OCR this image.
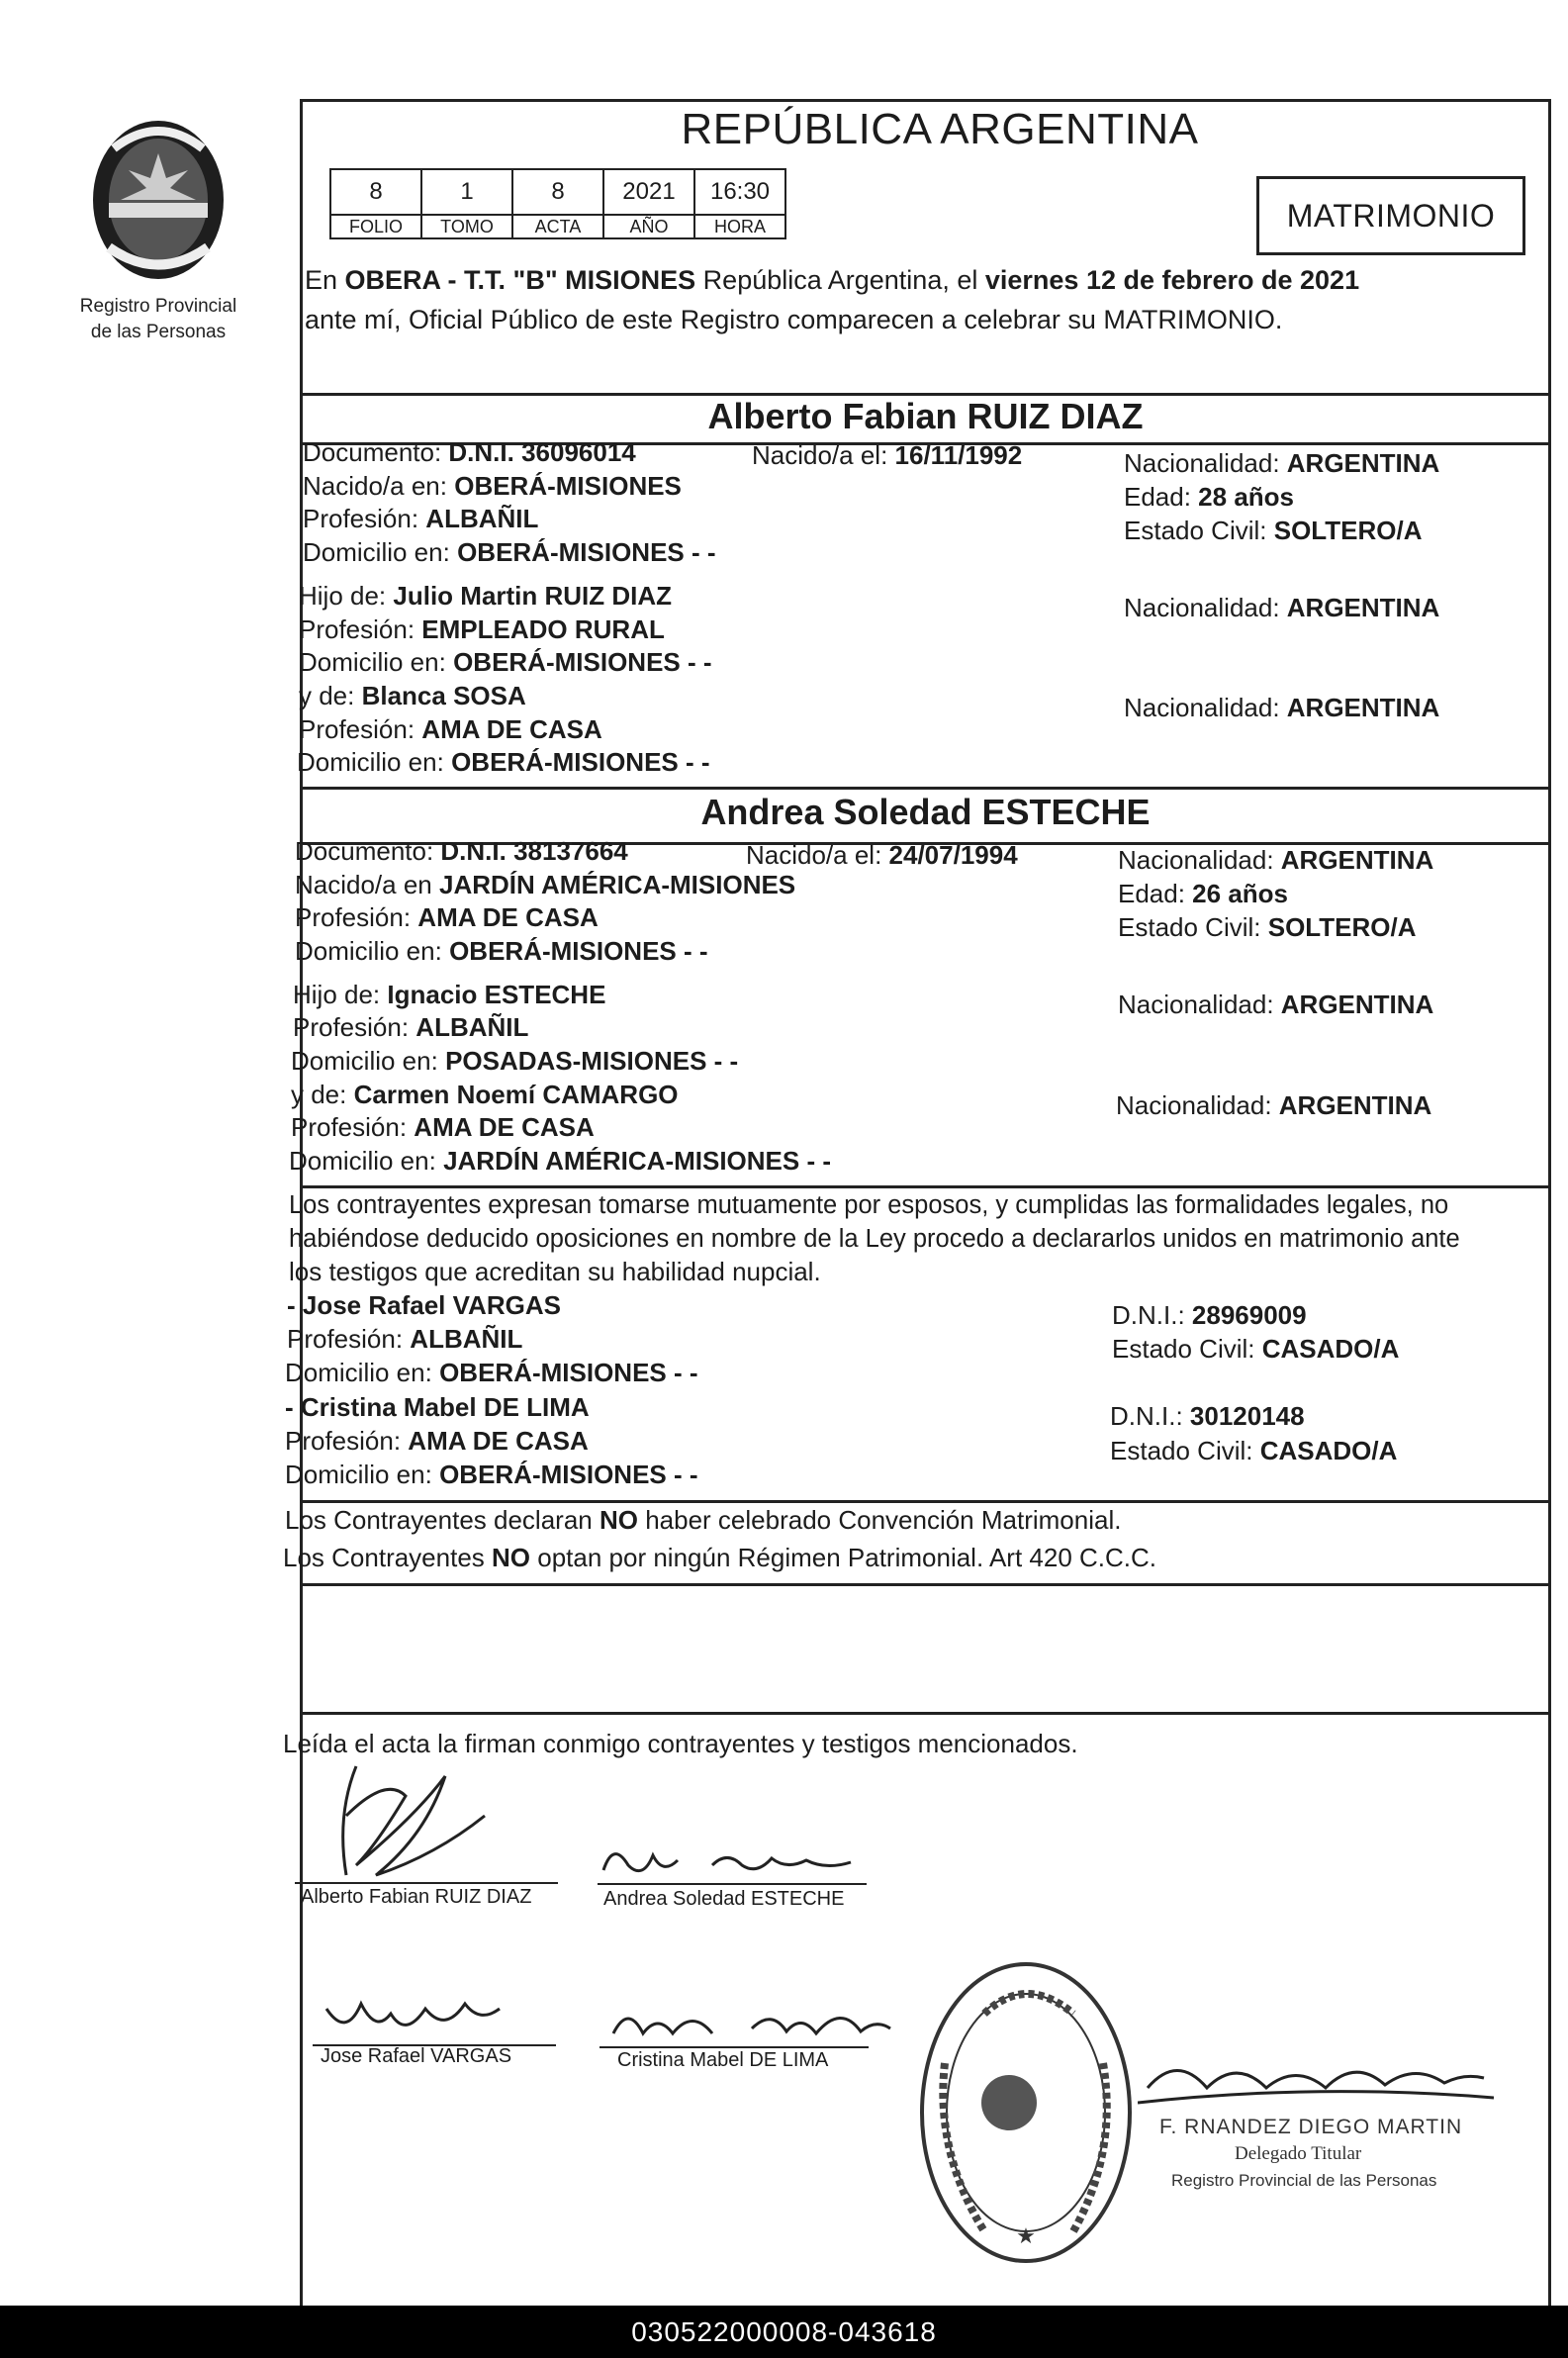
Registro Provincial
de las Personas
REPÚBLICA ARGENTINA
8	1	8	2021	16:30
FOLIO	TOMO	ACTA	AÑO	HORA	MATRIMONIO
En OBERA - T.T. "B" MISIONES República Argentina, el viernes 12 de febrero de 2021
ante mí, Oficial Público de este Registro comparecen a celebrar su MATRIMONIO.
Alberto Fabian RUIZ DIAZ
Documento: D.N.I. 36096014	Nacido/a el: 16/11/1992	Nacionalidad: ARGENTINA
Nacido/a en: OBERÁ-MISIONES	Edad: 28 años
Profesión: ALBAÑIL	Estado Civil: SOLTERO/A
Domicilio en: OBERÁ-MISIONES - -
Hijo de: Julio Martin RUIZ DIAZ	Nacionalidad: ARGENTINA
Profesión: EMPLEADO RURAL
Domicilio en: OBERÁ-MISIONES - -
y de: Blanca SOSA	Nacionalidad: ARGENTINA
Profesión: AMA DE CASA
Domicilio en: OBERÁ-MISIONES - -
Andrea Soledad ESTECHE
Documento: D.N.I. 38137664	Nacido/a el: 24/07/1994	Nacionalidad: ARGENTINA
Nacido/a en JARDÍN AMÉRICA-MISIONES	Edad: 26 años
Profesión: AMA DE CASA	Estado Civil: SOLTERO/A
Domicilio en: OBERÁ-MISIONES - -
Hijo de: Ignacio ESTECHE	Nacionalidad: ARGENTINA
Profesión: ALBAÑIL
Domicilio en: POSADAS-MISIONES - -
y de: Carmen Noemí CAMARGO	Nacionalidad: ARGENTINA
Profesión: AMA DE CASA
Domicilio en: JARDÍN AMÉRICA-MISIONES - -
Los contrayentes expresan tomarse mutuamente por esposos, y cumplidas las formalidades legales, no
habiéndose deducido oposiciones en nombre de la Ley procedo a declararlos unidos en matrimonio ante
los testigos que acreditan su habilidad nupcial.
- Jose Rafael VARGAS	D.N.I.: 28969009
Profesión: ALBAÑIL	Estado Civil: CASADO/A
Domicilio en: OBERÁ-MISIONES - -
- Cristina Mabel DE LIMA	D.N.I.: 30120148
Profesión: AMA DE CASA	Estado Civil: CASADO/A
Domicilio en: OBERÁ-MISIONES - -
Los Contrayentes declaran NO haber celebrado Convención Matrimonial.
Los Contrayentes NO optan por ningún Régimen Patrimonial. Art 420 C.C.C.
Leída el acta la firman conmigo contrayentes y testigos mencionados.
Alberto Fabian RUIZ DIAZ	Andrea Soledad ESTECHE
Jose Rafael VARGAS	Cristina Mabel DE LIMA
★
F. RNANDEZ DIEGO MARTIN
Delegado Titular
Registro Provincial de las Personas
030522000008-043618
